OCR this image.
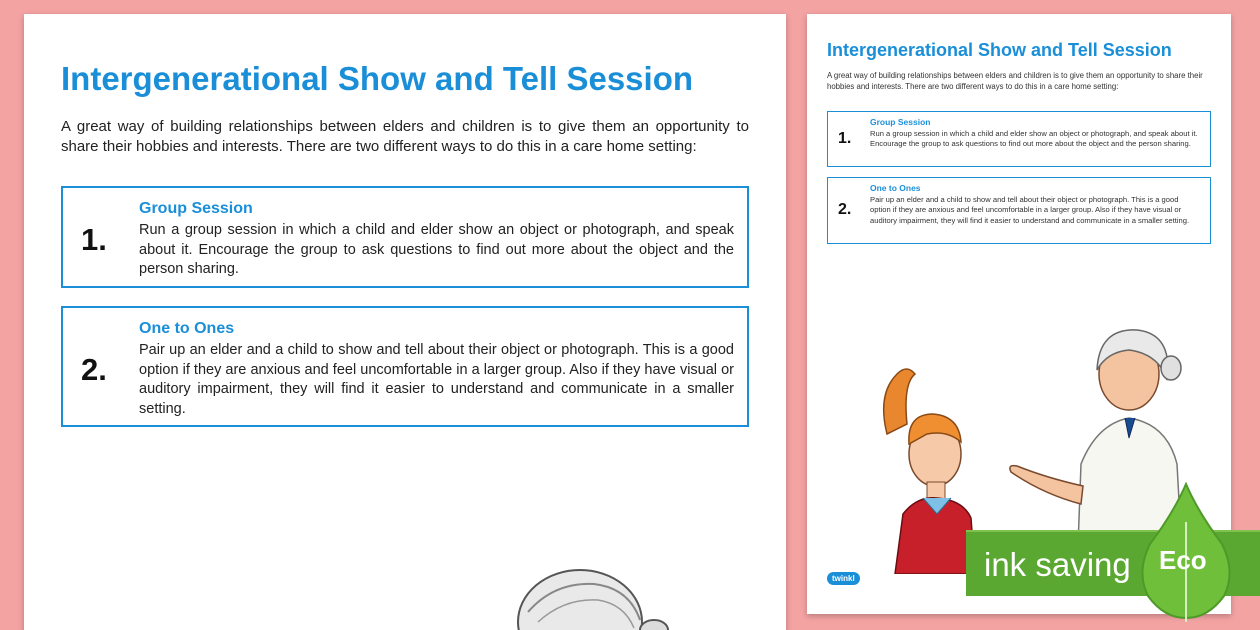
Intergenerational Show and Tell Session
A great way of building relationships between elders and children is to give them an opportunity to share their hobbies and interests. There are two different ways to do this in a care home setting:
1.
Group Session
Run a group session in which a child and elder show an object or photograph, and speak about it. Encourage the group to ask questions to find out more about the object and the person sharing.
2.
One to Ones
Pair up an elder and a child to show and tell about their object or photograph. This is a good option if they are anxious and feel uncomfortable in a larger group. Also if they have visual or auditory impairment, they will find it easier to understand and communicate in a smaller setting.
Intergenerational Show and Tell Session
A great way of building relationships between elders and children is to give them an opportunity to share their hobbies and interests. There are two different ways to do this in a care home setting:
1.
Group Session
Run a group session in which a child and elder show an object or photograph, and speak about it. Encourage the group to ask questions to find out more about the object and the person sharing.
2.
One to Ones
Pair up an elder and a child to show and tell about their object or photograph. This is a good option if they are anxious and feel uncomfortable in a larger group. Also if they have visual or auditory impairment, they will find it easier to understand and communicate in a smaller setting.
twinkl	ink saving Eco
